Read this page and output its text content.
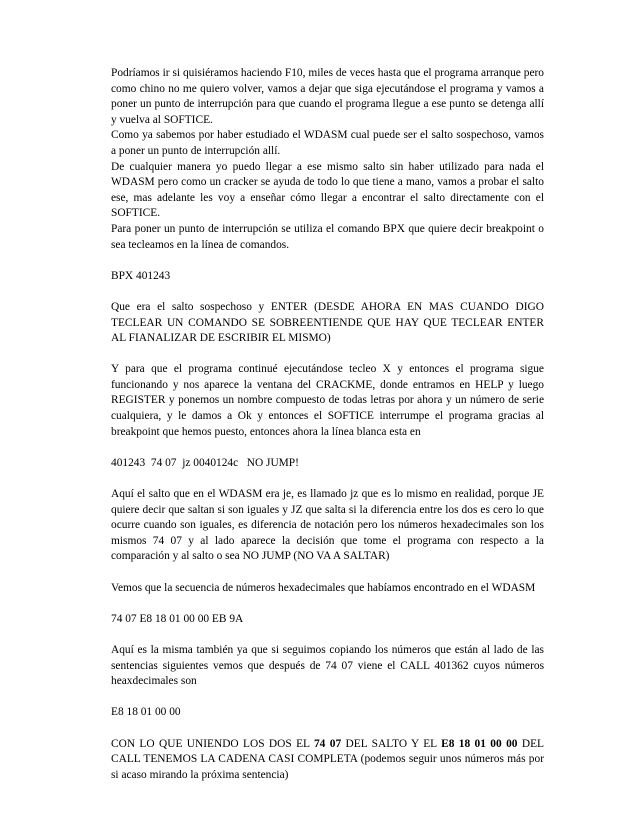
Podríamos ir si quisiéramos haciendo F10, miles de veces hasta que el programa arranque pero como chino no me quiero volver, vamos a dejar que siga ejecutándose el programa y vamos a poner un punto de interrupción para que cuando el programa llegue a ese punto se detenga allí y vuelva al SOFTICE.

Como ya sabemos por haber estudiado el WDASM cual puede ser el salto sospechoso, vamos a poner un punto de interrupción allí.

De cualquier manera yo puedo llegar a ese mismo salto sin haber utilizado para nada el WDASM pero como un cracker se ayuda de todo lo que tiene a mano, vamos a probar el salto ese, mas adelante les voy a enseñar cómo llegar a encontrar el salto directamente con el SOFTICE.

Para poner un punto de interrupción se utiliza el comando BPX que quiere decir breakpoint o sea tecleamos en la línea de comandos.

BPX 401243

Que era el salto sospechoso y ENTER (DESDE AHORA EN MAS CUANDO DIGO TECLEAR UN COMANDO SE SOBREENTIENDE QUE HAY QUE TECLEAR ENTER AL FIANALIZAR DE ESCRIBIR EL MISMO)

Y para que el programa continué ejecutándose tecleo X y entonces el programa sigue funcionando y nos aparece la ventana del CRACKME, donde entramos en HELP y luego REGISTER y ponemos un nombre compuesto de todas letras por ahora y un número de serie cualquiera, y le damos a Ok y entonces el SOFTICE interrumpe el programa gracias al breakpoint que hemos puesto, entonces ahora la línea blanca esta en

401243  74 07  jz 0040124c   NO JUMP!

Aquí el salto que en el WDASM era je, es llamado jz que es lo mismo en realidad, porque JE quiere decir que saltan si son iguales y JZ que salta si la diferencia entre los dos es cero lo que ocurre cuando son iguales, es diferencia de notación pero los números hexadecimales son los mismos 74 07 y al lado aparece la decisión que tome el programa con respecto a la comparación y al salto o sea NO JUMP (NO VA A SALTAR)

Vemos que la secuencia de números hexadecimales que habíamos encontrado en el WDASM

74 07 E8 18 01 00 00 EB 9A

Aquí es la misma también ya que si seguimos copiando los números que están al lado de las sentencias siguientes vemos que después de 74 07 viene el CALL 401362 cuyos números heaxdecimales son

E8 18 01 00 00

CON LO QUE UNIENDO LOS DOS EL 74 07 DEL SALTO Y EL E8 18 01 00 00 DEL CALL TENEMOS LA CADENA CASI COMPLETA (podemos seguir unos números más por si acaso mirando la próxima sentencia)
